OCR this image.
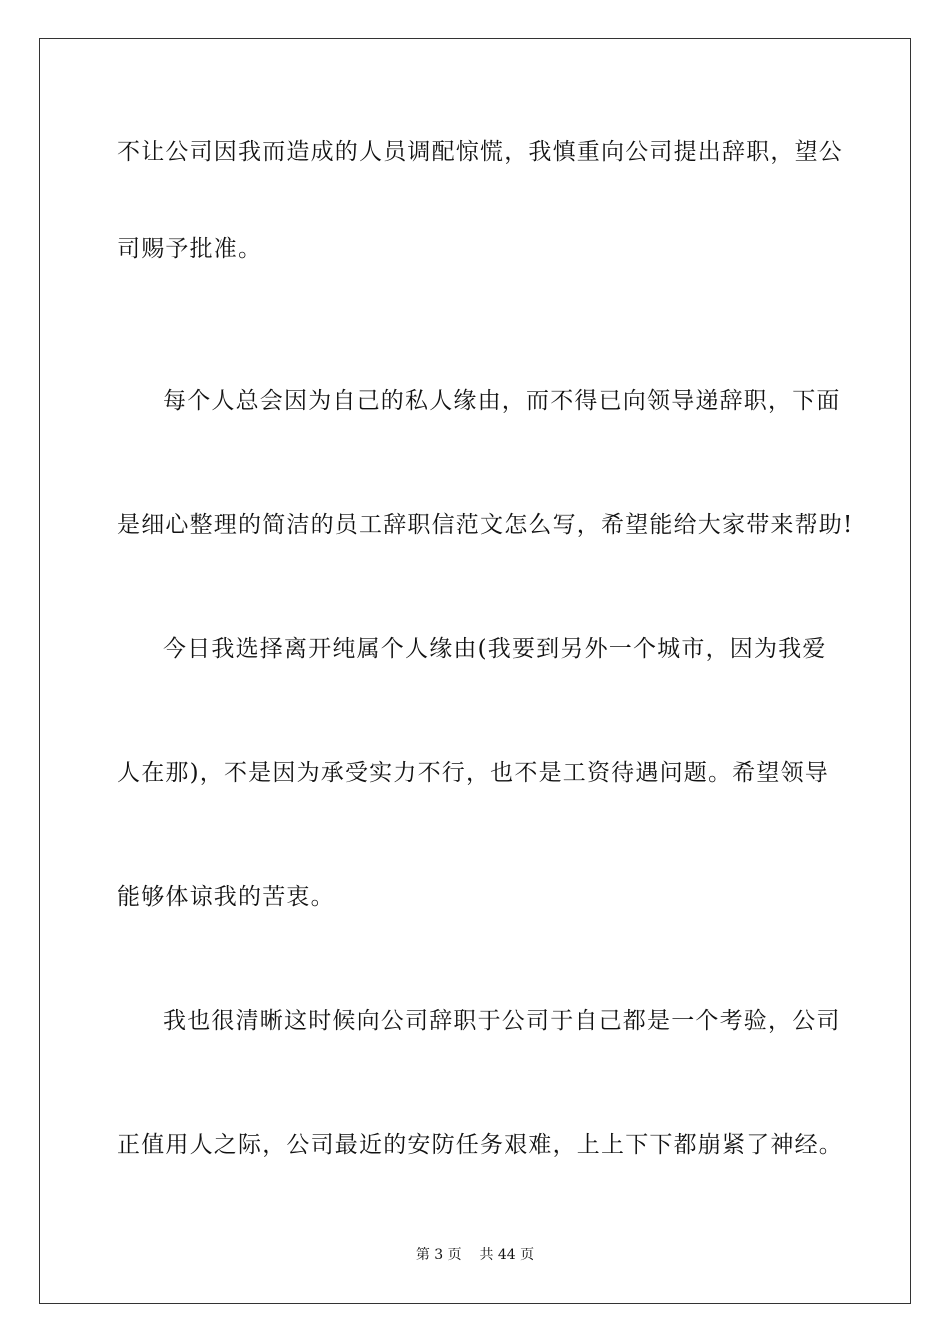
不让公司因我而造成的人员调配惊慌，我慎重向公司提出辞职，望公
司赐予批准。
每个人总会因为自己的私人缘由，而不得已向领导递辞职，下面
是细心整理的简洁的员工辞职信范文怎么写，希望能给大家带来帮助!
今日我选择离开纯属个人缘由(我要到另外一个城市，因为我爱
人在那)，不是因为承受实力不行，也不是工资待遇问题。希望领导
能够体谅我的苦衷。
我也很清晰这时候向公司辞职于公司于自己都是一个考验，公司
正值用人之际，公司最近的安防任务艰难，上上下下都崩紧了神经。
第 3 页 共 44 页
